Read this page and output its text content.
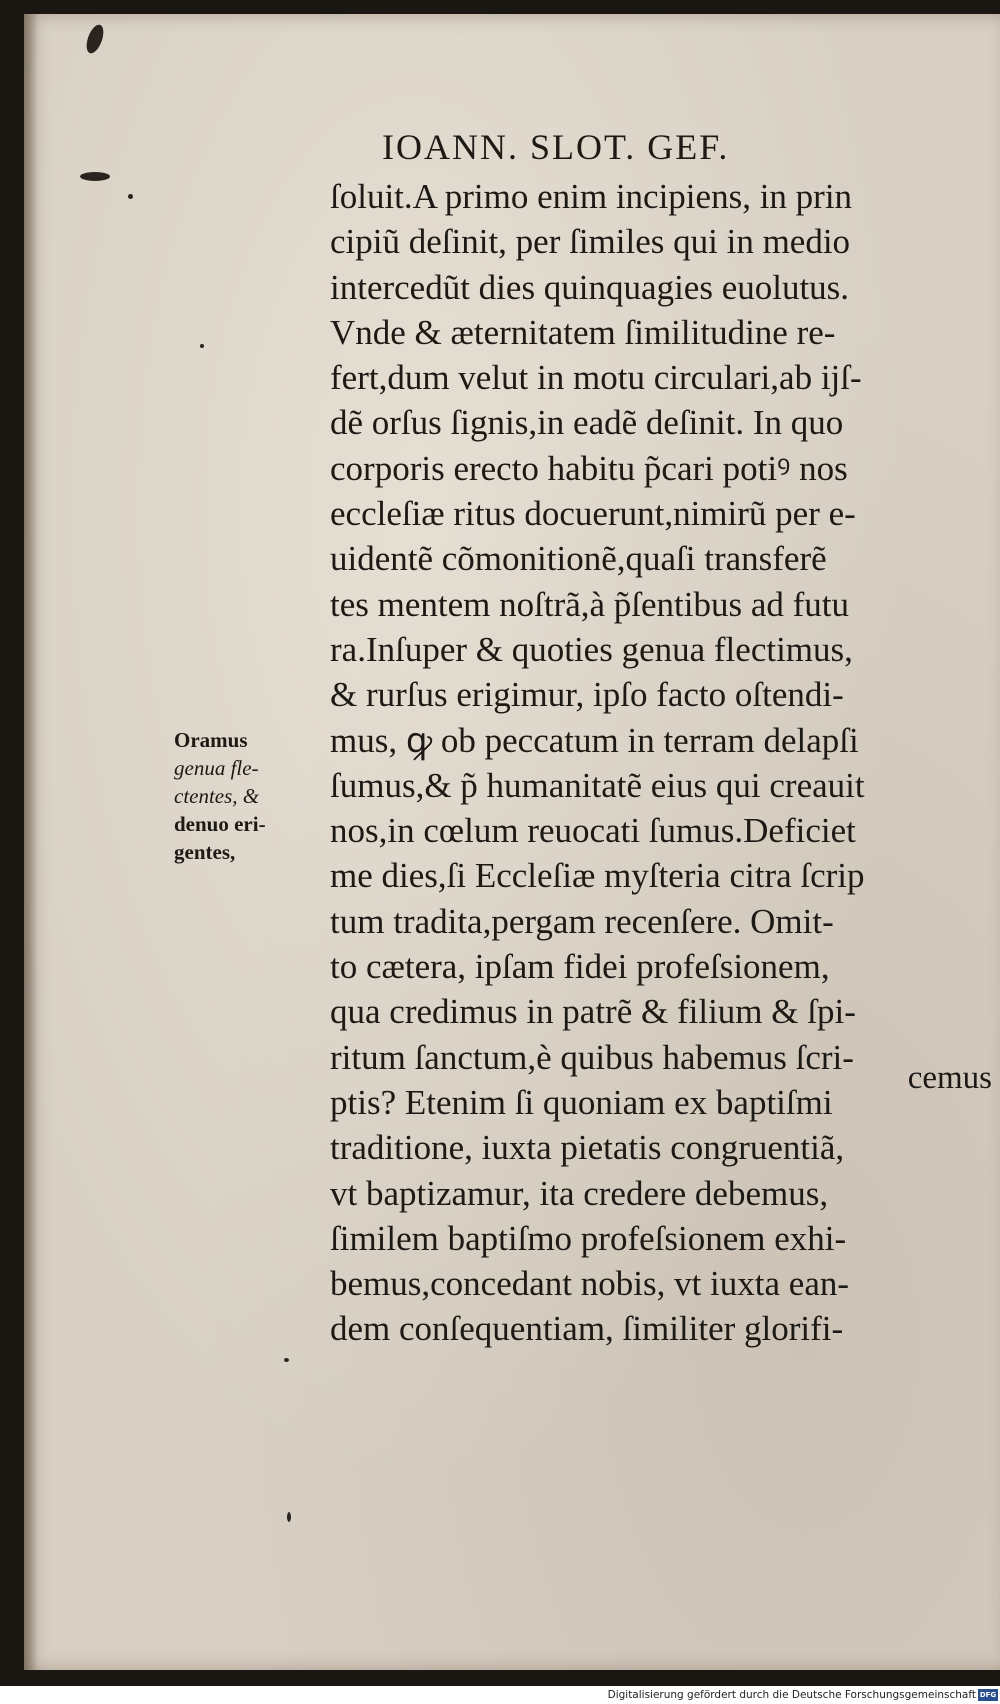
IOANN. SLOT. GEF.
ſoluit.A primo enim incipiens, in prin
cipiũ deſinit, per ſimiles qui in medio
intercedũt dies quinquagies euolutus.
Vnde & æternitatem ſimilitudine re-
fert,dum velut in motu circulari,ab ijſ-
dẽ orſus ſignis,in eadẽ deſinit. In quo
corporis erecto habitu p̃cari potiꝰ nos
eccleſiæ ritus docuerunt,nimirũ per e-
uidentẽ cõmonitionẽ,quaſi transferẽ
tes mentem noſtrã,à p̃ſentibus ad futu
ra.Inſuper & quoties genua flectimus,
& rurſus erigimur, ipſo facto oſtendi-
mus, ꝙ ob peccatum in terram delapſi
ſumus,& p̃ humanitatẽ eius qui creauit
nos,in cœlum reuocati ſumus.Deficiet
me dies,ſi Eccleſiæ myſteria citra ſcrip
tum tradita,pergam recenſere. Omit-
to cætera, ipſam fidei profeſsionem,
qua credimus in patrẽ & filium & ſpi-
ritum ſanctum,è quibus habemus ſcri-
ptis? Etenim ſi quoniam ex baptiſmi
traditione, iuxta pietatis congruentiã,
vt baptizamur, ita credere debemus,
ſimilem baptiſmo profeſsionem exhi-
bemus,concedant nobis, vt iuxta ean-
dem conſequentiam, ſimiliter glorifi-
cemus
Oramus
genua fle-
ctentes, &
denuo eri-
gentes,
Digitalisierung gefördert durch die Deutsche Forschungsgemeinschaft DFG
